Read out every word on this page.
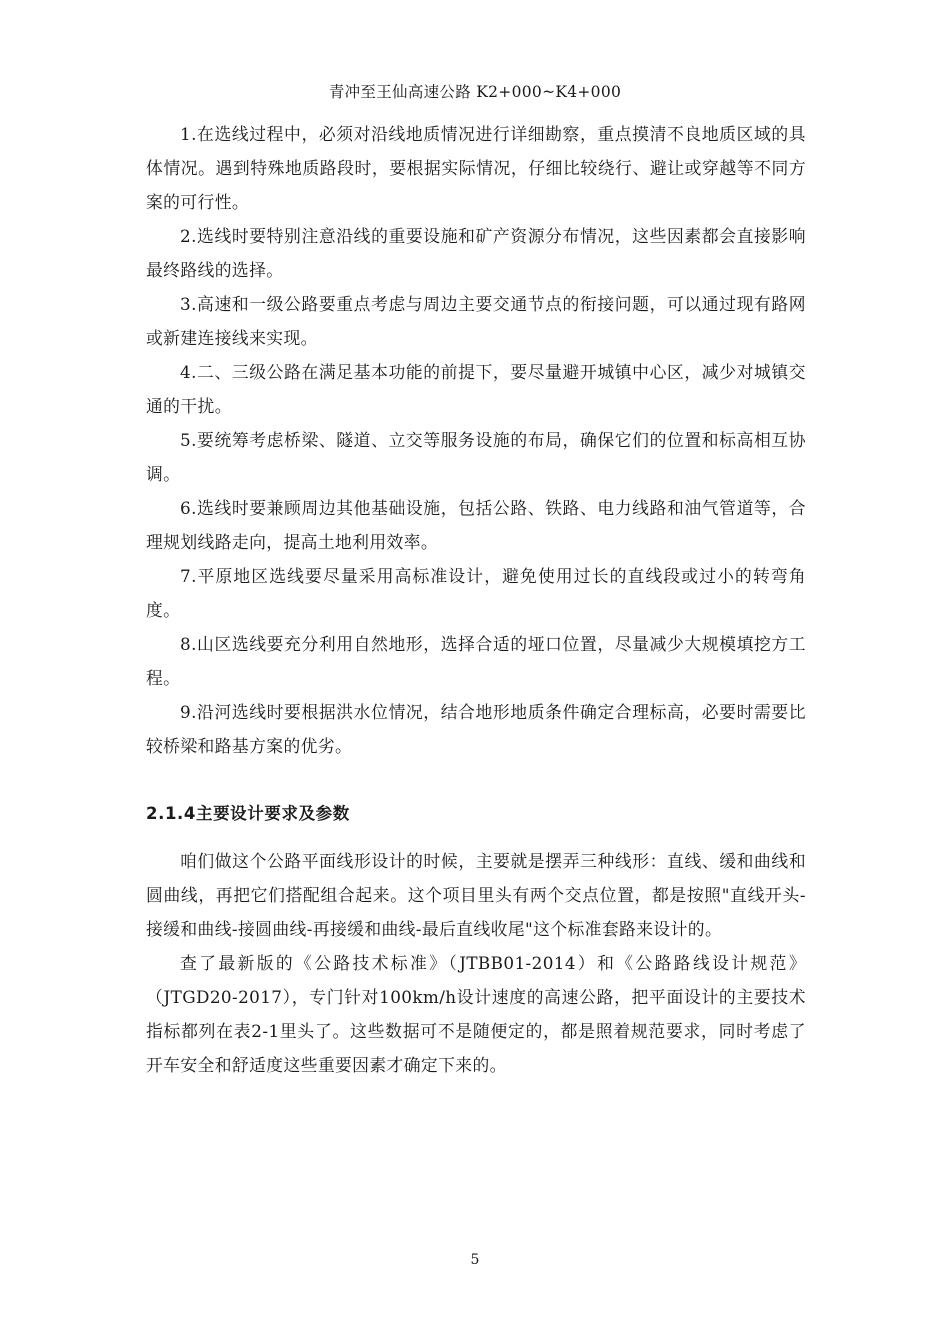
青冲至王仙高速公路 K2+000~K4+000

1.在选线过程中，必须对沿线地质情况进行详细勘察，重点摸清不良地质区域的具体情况。遇到特殊地质路段时，要根据实际情况，仔细比较绕行、避让或穿越等不同方案的可行性。

2.选线时要特别注意沿线的重要设施和矿产资源分布情况，这些因素都会直接影响最终路线的选择。

3.高速和一级公路要重点考虑与周边主要交通节点的衔接问题，可以通过现有路网或新建连接线来实现。

4.二、三级公路在满足基本功能的前提下，要尽量避开城镇中心区，减少对城镇交通的干扰。

5.要统筹考虑桥梁、隧道、立交等服务设施的布局，确保它们的位置和标高相互协调。

6.选线时要兼顾周边其他基础设施，包括公路、铁路、电力线路和油气管道等，合理规划线路走向，提高土地利用效率。

7.平原地区选线要尽量采用高标准设计，避免使用过长的直线段或过小的转弯角度。

8.山区选线要充分利用自然地形，选择合适的垭口位置，尽量减少大规模填挖方工程。

9.沿河选线时要根据洪水位情况，结合地形地质条件确定合理标高，必要时需要比较桥梁和路基方案的优劣。

2.1.4主要设计要求及参数

咱们做这个公路平面线形设计的时候，主要就是摆弄三种线形：直线、缓和曲线和圆曲线，再把它们搭配组合起来。这个项目里头有两个交点位置，都是按照"直线开头-接缓和曲线-接圆曲线-再接缓和曲线-最后直线收尾"这个标准套路来设计的。

查了最新版的《公路技术标准》（JTBB01-2014）和《公路路线设计规范》（JTGD20-2017），专门针对100km/h设计速度的高速公路，把平面设计的主要技术指标都列在表2-1里头了。这些数据可不是随便定的，都是照着规范要求，同时考虑了开车安全和舒适度这些重要因素才确定下来的。

5
